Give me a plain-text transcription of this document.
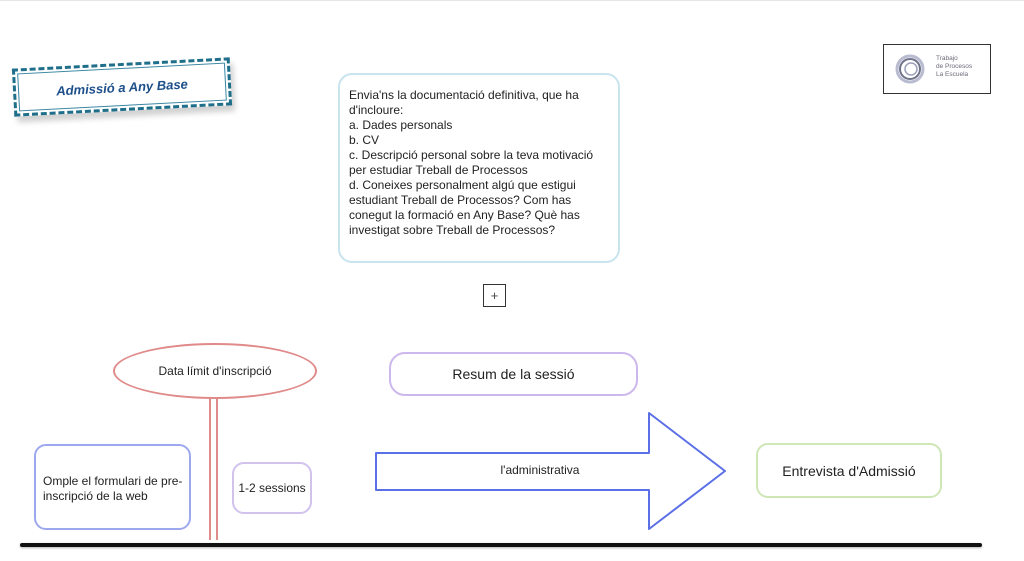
Admissió a Any Base
Trabajo
de Procesos
La Escuela
Envia'ns la documentació definitiva, que ha d'incloure:
a. Dades personals
b. CV
c. Descripció personal sobre la teva motivació per estudiar Treball de Processos
d. Coneixes personalment algú que estigui estudiant Treball de Processos? Com has conegut la formació en Any Base? Què has investigat sobre Treball de Processos?
+
Data límit d'inscripció	Resum de la sessió
Omple el formulari de pre-inscripció de la web
1-2 sessions
l'administrativa	Entrevista d'Admissió
